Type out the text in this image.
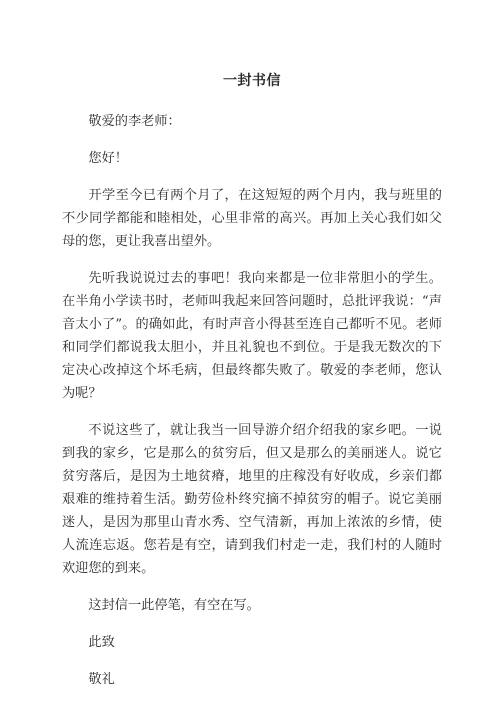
一封书信

敬爱的李老师：

您好！

开学至今已有两个月了，在这短短的两个月内，我与班里的不少同学都能和睦相处，心里非常的高兴。再加上关心我们如父母的您，更让我喜出望外。

先听我说说过去的事吧！我向来都是一位非常胆小的学生。在半角小学读书时，老师叫我起来回答问题时，总批评我说：“声音太小了”。的确如此，有时声音小得甚至连自己都听不见。老师和同学们都说我太胆小，并且礼貌也不到位。于是我无数次的下定决心改掉这个坏毛病，但最终都失败了。敬爱的李老师，您认为呢？

不说这些了，就让我当一回导游介绍介绍我的家乡吧。一说到我的家乡，它是那么的贫穷后，但又是那么的美丽迷人。说它贫穷落后，是因为土地贫瘠，地里的庄稼没有好收成，乡亲们都艰难的维持着生活。勤劳俭朴终究摘不掉贫穷的帽子。说它美丽迷人，是因为那里山青水秀、空气清新，再加上浓浓的乡情，使人流连忘返。您若是有空，请到我们村走一走，我们村的人随时欢迎您的到来。

这封信一此停笔，有空在写。

此致

敬礼
